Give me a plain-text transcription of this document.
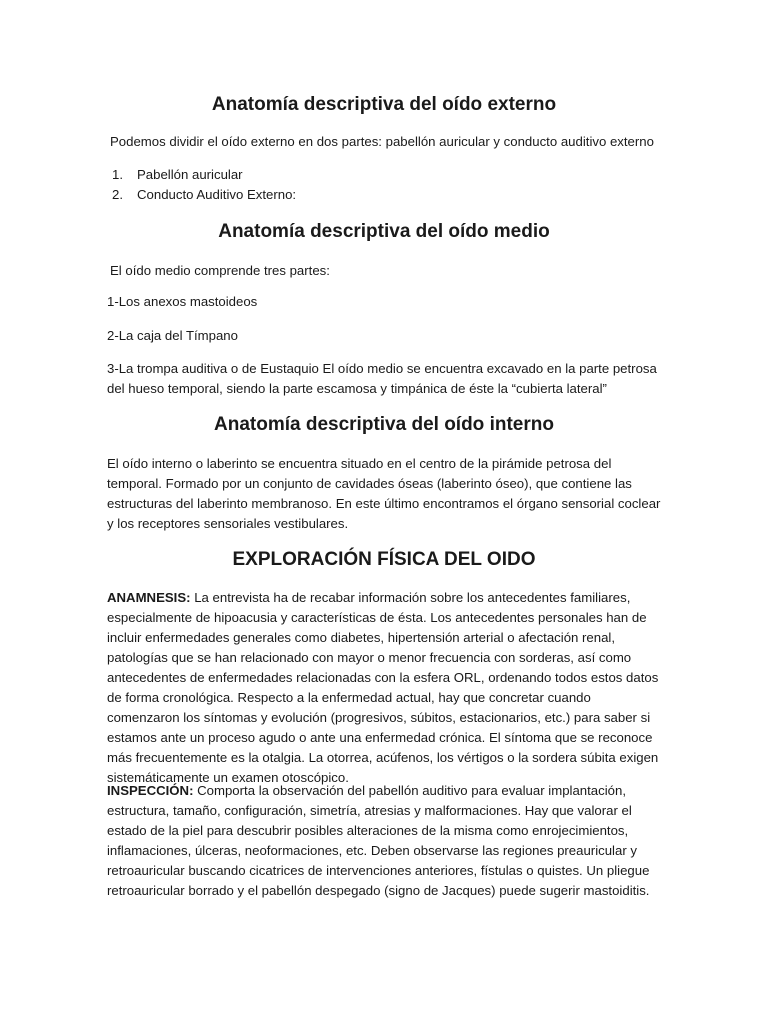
Anatomía descriptiva del oído externo
Podemos dividir el oído externo en dos partes: pabellón auricular y conducto auditivo externo
1. Pabellón auricular
2. Conducto Auditivo Externo:
Anatomía descriptiva del oído medio
El oído medio comprende tres partes:
1-Los anexos mastoideos
2-La caja del Tímpano
3-La trompa auditiva o de Eustaquio El oído medio se encuentra excavado en la parte petrosa del hueso temporal, siendo la parte escamosa y timpánica de éste la “cubierta lateral”
Anatomía descriptiva del oído interno
El oído interno o laberinto se encuentra situado en el centro de la pirámide petrosa del temporal. Formado por un conjunto de cavidades óseas (laberinto óseo), que contiene las estructuras del laberinto membranoso. En este último encontramos el órgano sensorial coclear y los receptores sensoriales vestibulares.
EXPLORACIÓN FÍSICA DEL OIDO
ANAMNESIS: La entrevista ha de recabar información sobre los antecedentes familiares, especialmente de hipoacusia y características de ésta. Los antecedentes personales han de incluir enfermedades generales como diabetes, hipertensión arterial o afectación renal, patologías que se han relacionado con mayor o menor frecuencia con sorderas, así como antecedentes de enfermedades relacionadas con la esfera ORL, ordenando todos estos datos de forma cronológica. Respecto a la enfermedad actual, hay que concretar cuando comenzaron los síntomas y evolución (progresivos, súbitos, estacionarios, etc.) para saber si estamos ante un proceso agudo o ante una enfermedad crónica. El síntoma que se reconoce más frecuentemente es la otalgia. La otorrea, acúfenos, los vértigos o la sordera súbita exigen sistemáticamente un examen otoscópico.
INSPECCIÓN: Comporta la observación del pabellón auditivo para evaluar implantación, estructura, tamaño, configuración, simetría, atresias y malformaciones. Hay que valorar el estado de la piel para descubrir posibles alteraciones de la misma como enrojecimientos, inflamaciones, úlceras, neoformaciones, etc. Deben observarse las regiones preauricular y retroauricular buscando cicatrices de intervenciones anteriores, fístulas o quistes. Un pliegue retroauricular borrado y el pabellón despegado (signo de Jacques) puede sugerir mastoiditis.
